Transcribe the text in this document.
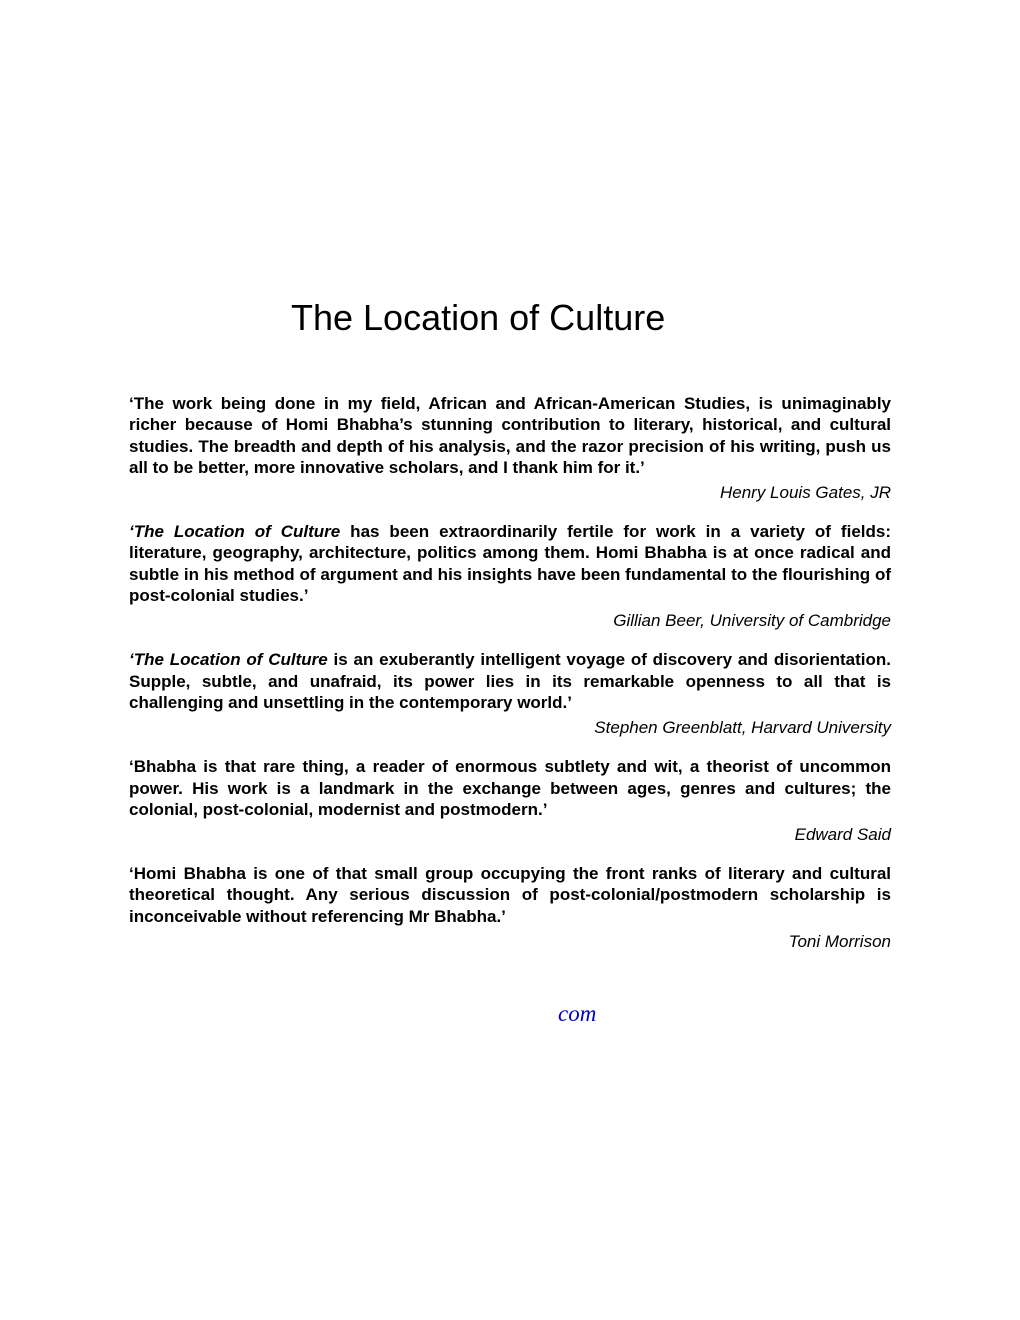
The Location of Culture

‘The work being done in my field, African and African-American Studies, is unimaginably richer because of Homi Bhabha’s stunning contribution to literary, historical, and cultural studies. The breadth and depth of his analysis, and the razor precision of his writing, push us all to be better, more innovative scholars, and I thank him for it.’

Henry Louis Gates, JR

‘The Location of Culture has been extraordinarily fertile for work in a variety of fields: literature, geography, architecture, politics among them. Homi Bhabha is at once radical and subtle in his method of argument and his insights have been fundamental to the flourishing of post-colonial studies.’

Gillian Beer, University of Cambridge

‘The Location of Culture is an exuberantly intelligent voyage of discovery and disorientation. Supple, subtle, and unafraid, its power lies in its remarkable openness to all that is challenging and unsettling in the contemporary world.’

Stephen Greenblatt, Harvard University

‘Bhabha is that rare thing, a reader of enormous subtlety and wit, a theorist of uncommon power. His work is a landmark in the exchange between ages, genres and cultures; the colonial, post-colonial, modernist and postmodern.’

Edward Said

‘Homi Bhabha is one of that small group occupying the front ranks of literary and cultural theoretical thought. Any serious discussion of post-colonial/postmodern scholarship is inconceivable without referencing Mr Bhabha.’

Toni Morrison

com
